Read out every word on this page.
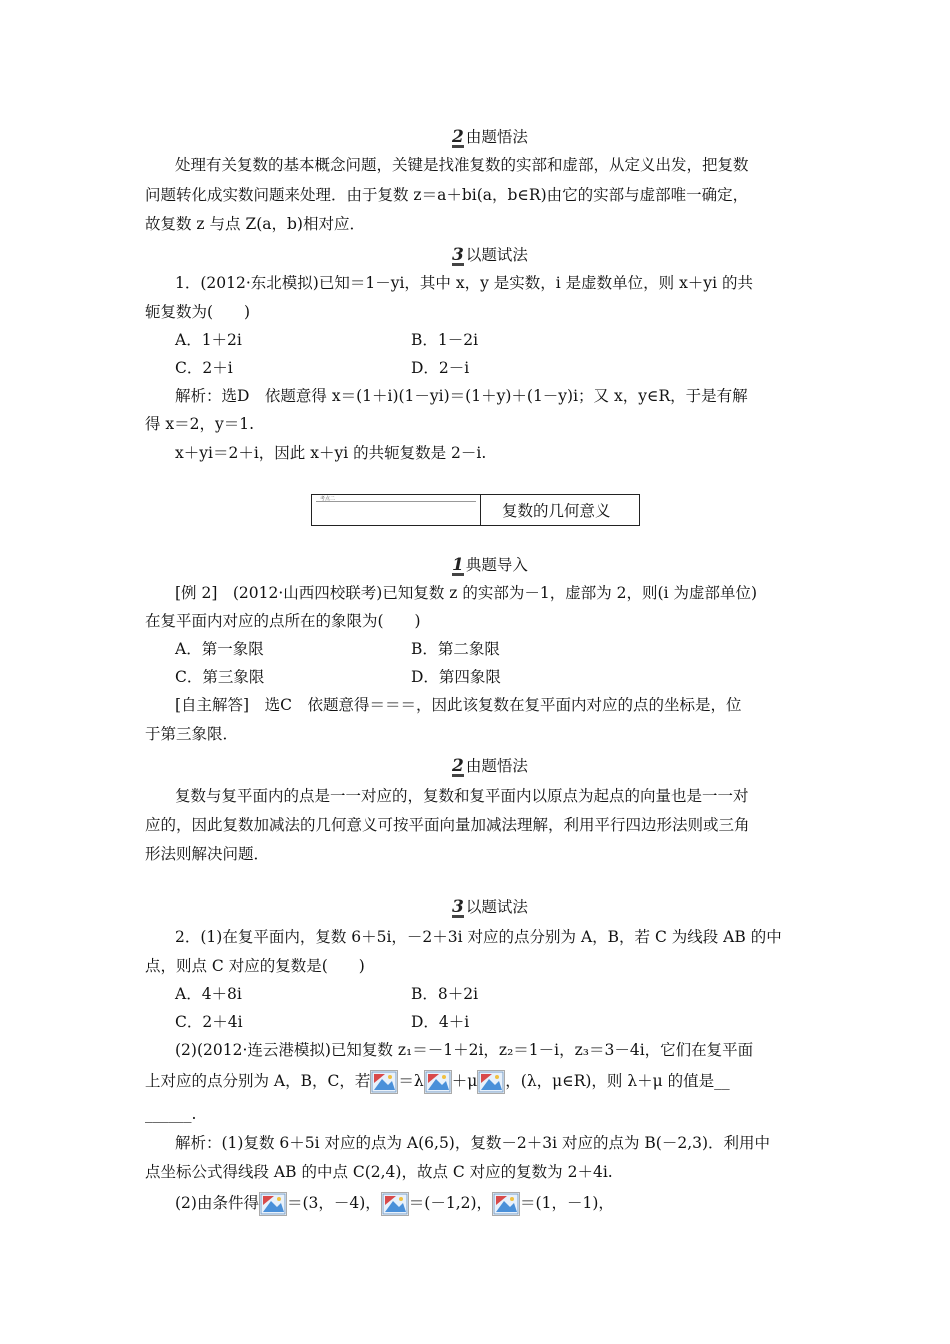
2 由题悟法
处理有关复数的基本概念问题，关键是找准复数的实部和虚部，从定义出发，把复数
问题转化成实数问题来处理．由于复数 z＝a＋bi(a，b∈R)由它的实部与虚部唯一确定，
故复数 z 与点 Z(a，b)相对应．
3 以题试法
1．(2012·东北模拟)已知＝1－yi，其中 x，y 是实数，i 是虚数单位，则 x＋yi 的共
轭复数为(　　)
A．1＋2i	B．1－2i
C．2＋i	D．2－i
解析：选D　依题意得 x＝(1＋i)(1－yi)＝(1＋y)＋(1－y)i；又 x，y∈R，于是有解
得 x＝2，y＝1.
x＋yi＝2＋i，因此 x＋yi 的共轭复数是 2－i.
考点二
复数的几何意义
1 典题导入
[例 2]　(2012·山西四校联考)已知复数 z 的实部为－1，虚部为 2，则(i 为虚部单位)
在复平面内对应的点所在的象限为(　　)
A．第一象限	B．第二象限
C．第三象限	D．第四象限
[自主解答]　选C　依题意得＝＝＝，因此该复数在复平面内对应的点的坐标是，位
于第三象限．
2 由题悟法
复数与复平面内的点是一一对应的，复数和复平面内以原点为起点的向量也是一一对
应的，因此复数加减法的几何意义可按平面向量加减法理解，利用平行四边形法则或三角
形法则解决问题．
3 以题试法
2．(1)在复平面内，复数 6＋5i，－2＋3i 对应的点分别为 A，B，若 C 为线段 AB 的中
点，则点 C 对应的复数是(　　)
A．4＋8i	B．8＋2i
C．2＋4i	D．4＋i
(2)(2012·连云港模拟)已知复数 z₁＝－1＋2i，z₂＝1－i，z₃＝3－4i，它们在复平面
上对应的点分别为 A，B，C，若 ＝λ ＋μ ，(λ，μ∈R)，则 λ＋μ 的值是__
______.
解析：(1)复数 6＋5i 对应的点为 A(6,5)，复数－2＋3i 对应的点为 B(－2,3)．利用中
点坐标公式得线段 AB 的中点 C(2,4)，故点 C 对应的复数为 2＋4i.
(2)由条件得 ＝(3，－4)， ＝(－1,2)， ＝(1，－1)，
